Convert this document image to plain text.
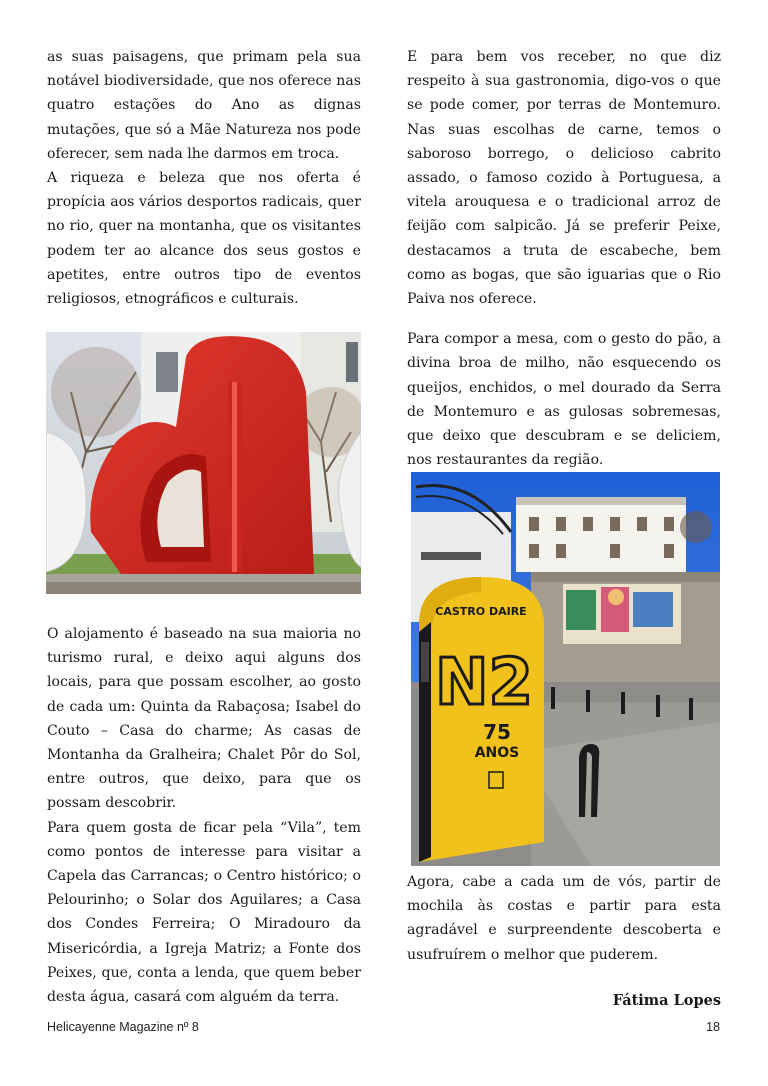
as suas paisagens, que primam pela sua notável biodiversidade, que nos oferece nas quatro estações do Ano as dignas mutações, que só a Mãe Natureza nos pode oferecer, sem nada lhe darmos em troca.

A riqueza e beleza que nos oferta é propícia aos vários desportos radicais, quer no rio, quer na montanha, que os visitantes podem ter ao alcance dos seus gostos e apetites, entre outros tipo de eventos religiosos, etnográficos e culturais.

O alojamento é baseado na sua maioria no turismo rural, e deixo aqui alguns dos locais, para que possam escolher, ao gosto de cada um: Quinta da Rabaçosa; Isabel do Couto – Casa do charme; As casas de Montanha da Gralheira; Chalet Pôr do Sol, entre outros, que deixo, para que os possam descobrir.

Para quem gosta de ficar pela “Vila”, tem como pontos de interesse para visitar a Capela das Carrancas; o Centro histórico; o Pelourinho; o Solar dos Aguilares; a Casa dos Condes Ferreira; O Miradouro da Misericórdia, a Igreja Matriz; a Fonte dos Peixes, que, conta a lenda, que quem beber desta água, casará com alguém da terra.

E para bem vos receber, no que diz respeito à sua gastronomia, digo-vos o que se pode comer, por terras de Montemuro. Nas suas escolhas de carne, temos o saboroso borrego, o delicioso cabrito assado, o famoso cozido à Portuguesa, a vitela arouquesa e o tradicional arroz de feijão com salpicão. Já se preferir Peixe, destacamos a truta de escabeche, bem como as bogas, que são iguarias que o Rio Paiva nos oferece.

Para compor a mesa, com o gesto do pão, a divina broa de milho, não esquecendo os queijos, enchidos, o mel dourado da Serra de Montemuro e as gulosas sobremesas, que deixo que descubram e se deliciem, nos restaurantes da região.

CASTRO DAIRE
N2
75
ANOS

Agora, cabe a cada um de vós, partir de mochila às costas e partir para esta agradável e surpreendente descoberta e usufruírem o melhor que puderem.

Fátima Lopes
Helicayenne Magazine nº 8	18
